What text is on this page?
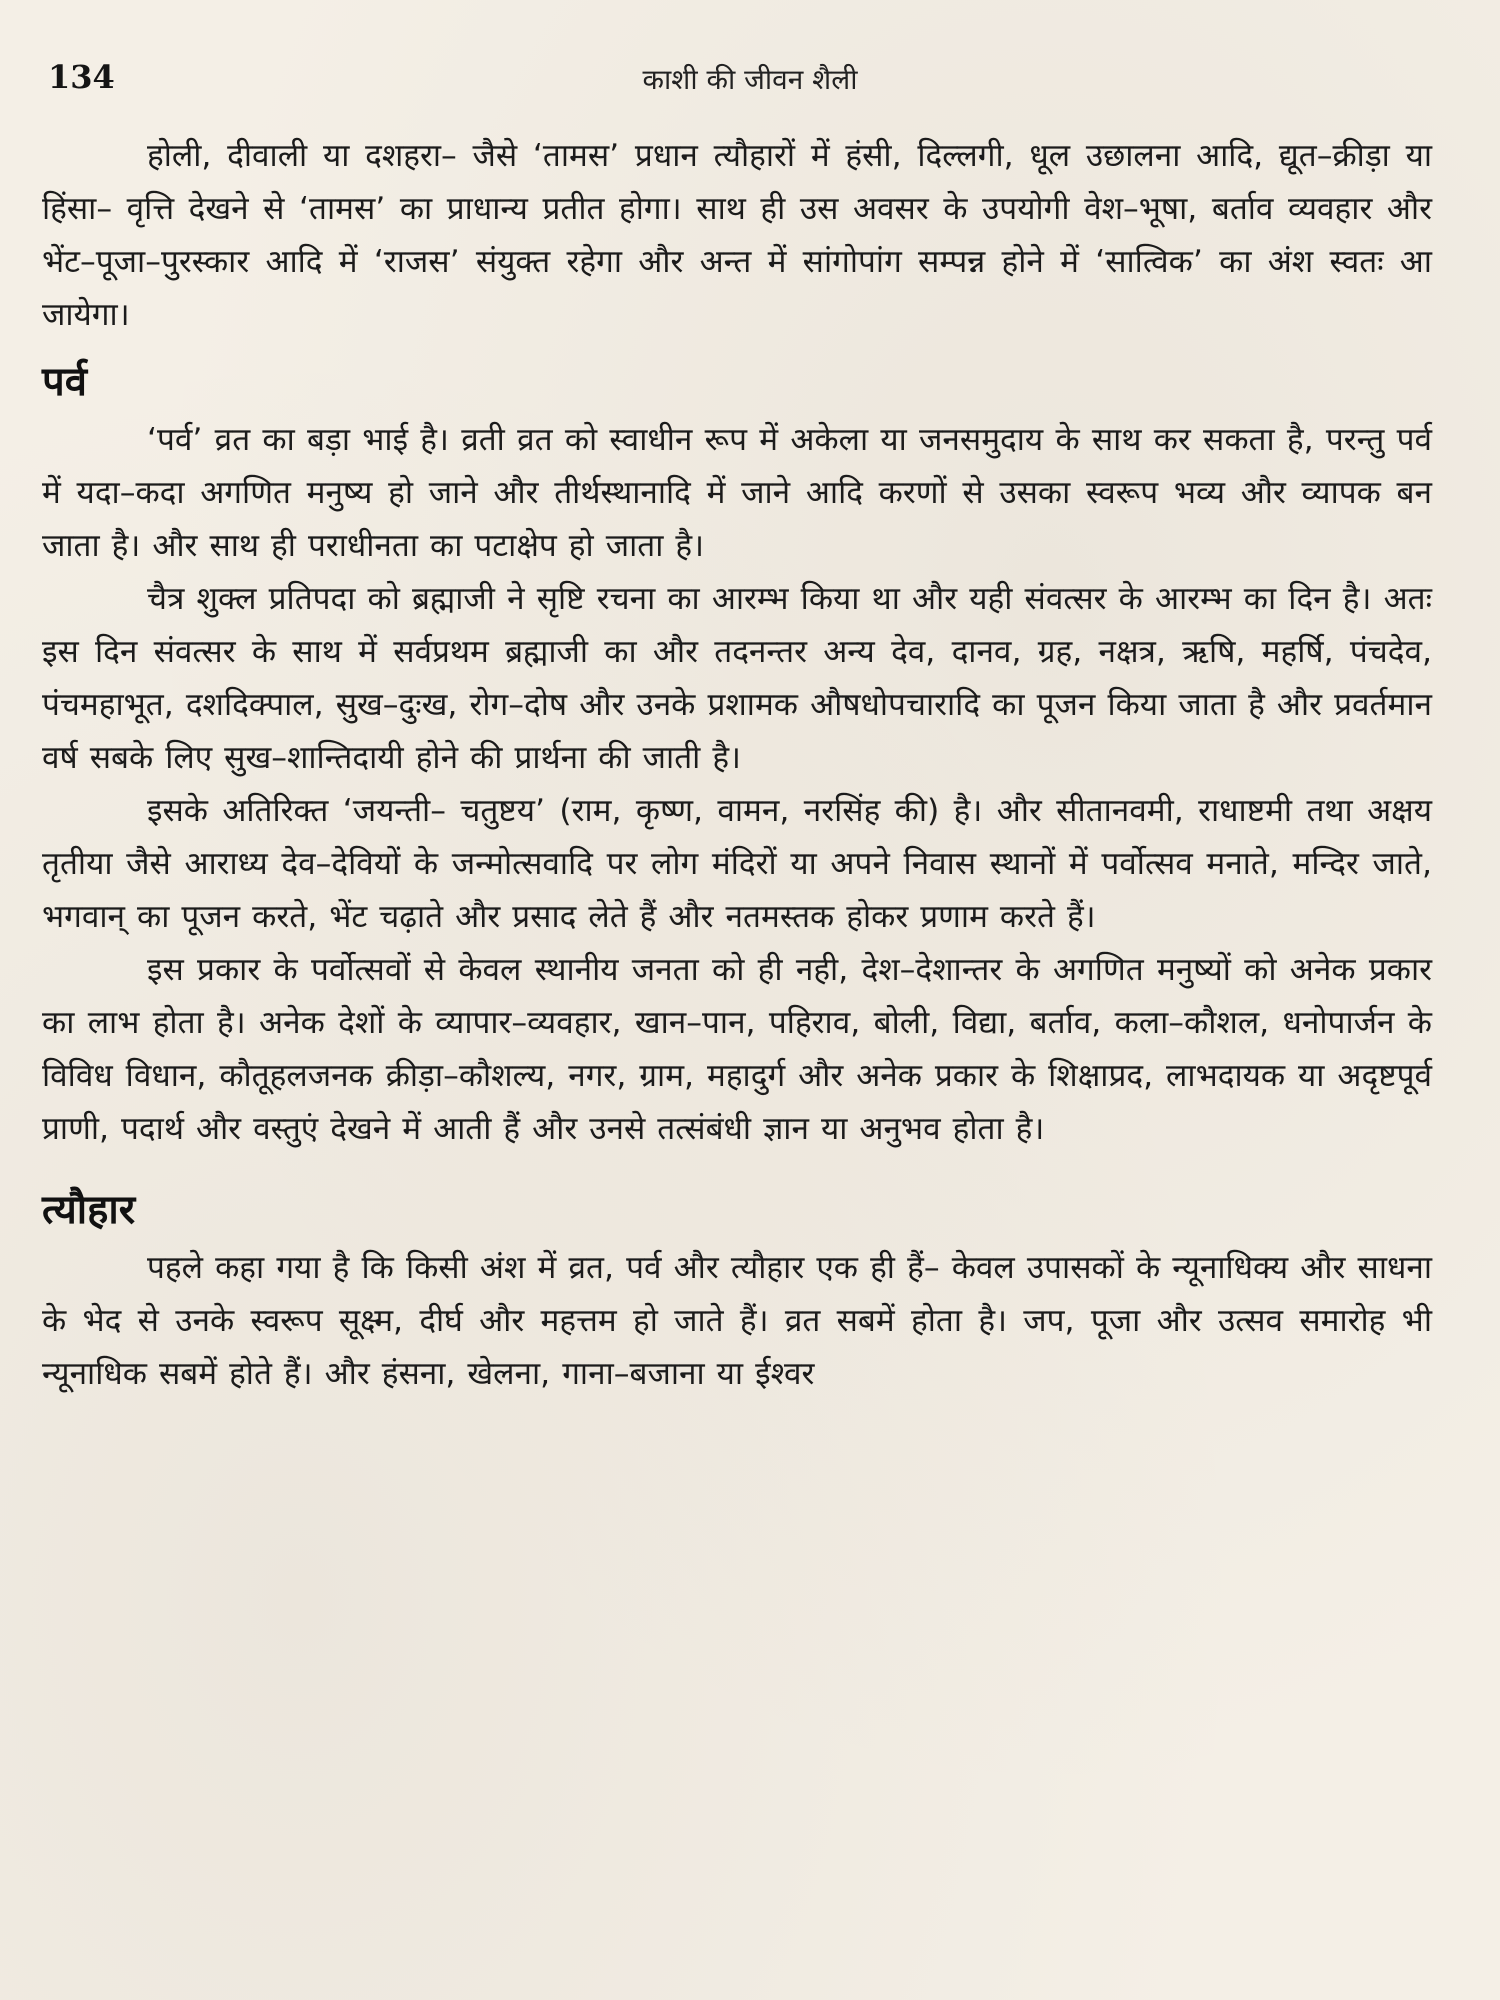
134	काशी की जीवन शैली

होली, दीवाली या दशहरा– जैसे ‘तामस’ प्रधान त्यौहारों में हंसी, दिल्लगी, धूल उछालना आदि, द्यूत–क्रीड़ा या हिंसा– वृत्ति देखने से ‘तामस’ का प्राधान्य प्रतीत होगा। साथ ही उस अवसर के उपयोगी वेश–भूषा, बर्ताव व्यवहार और भेंट–पूजा–पुरस्कार आदि में ‘राजस’ संयुक्त रहेगा और अन्त में सांगोपांग सम्पन्न होने में ‘सात्विक’ का अंश स्वतः आ जायेगा।

पर्व

‘पर्व’ व्रत का बड़ा भाई है। व्रती व्रत को स्वाधीन रूप में अकेला या जनसमुदाय के साथ कर सकता है, परन्तु पर्व में यदा–कदा अगणित मनुष्य हो जाने और तीर्थस्थानादि में जाने आदि करणों से उसका स्वरूप भव्य और व्यापक बन जाता है। और साथ ही पराधीनता का पटाक्षेप हो जाता है।

चैत्र शुक्ल प्रतिपदा को ब्रह्माजी ने सृष्टि रचना का आरम्भ किया था और यही संवत्सर के आरम्भ का दिन है। अतः इस दिन संवत्सर के साथ में सर्वप्रथम ब्रह्माजी का और तदनन्तर अन्य देव, दानव, ग्रह, नक्षत्र, ऋषि, महर्षि, पंचदेव, पंचमहाभूत, दशदिक्पाल, सुख–दुःख, रोग–दोष और उनके प्रशामक औषधोपचारादि का पूजन किया जाता है और प्रवर्तमान वर्ष सबके लिए सुख–शान्तिदायी होने की प्रार्थना की जाती है।

इसके अतिरिक्त ‘जयन्ती– चतुष्टय’ (राम, कृष्ण, वामन, नरसिंह की) है। और सीतानवमी, राधाष्टमी तथा अक्षय तृतीया जैसे आराध्य देव–देवियों के जन्मोत्सवादि पर लोग मंदिरों या अपने निवास स्थानों में पर्वोत्सव मनाते, मन्दिर जाते, भगवान् का पूजन करते, भेंट चढ़ाते और प्रसाद लेते हैं और नतमस्तक होकर प्रणाम करते हैं।

इस प्रकार के पर्वोत्सवों से केवल स्थानीय जनता को ही नही, देश–देशान्तर के अगणित मनुष्यों को अनेक प्रकार का लाभ होता है। अनेक देशों के व्यापार–व्यवहार, खान–पान, पहिराव, बोली, विद्या, बर्ताव, कला–कौशल, धनोपार्जन के विविध विधान, कौतूहलजनक क्रीड़ा–कौशल्य, नगर, ग्राम, महादुर्ग और अनेक प्रकार के शिक्षाप्रद, लाभदायक या अदृष्टपूर्व प्राणी, पदार्थ और वस्तुएं देखने में आती हैं और उनसे तत्संबंधी ज्ञान या अनुभव होता है।

त्यौहार

पहले कहा गया है कि किसी अंश में व्रत, पर्व और त्यौहार एक ही हैं– केवल उपासकों के न्यूनाधिक्य और साधना के भेद से उनके स्वरूप सूक्ष्म, दीर्घ और महत्तम हो जाते हैं। व्रत सबमें होता है। जप, पूजा और उत्सव समारोह भी न्यूनाधिक सबमें होते हैं। और हंसना, खेलना, गाना–बजाना या ईश्वर
